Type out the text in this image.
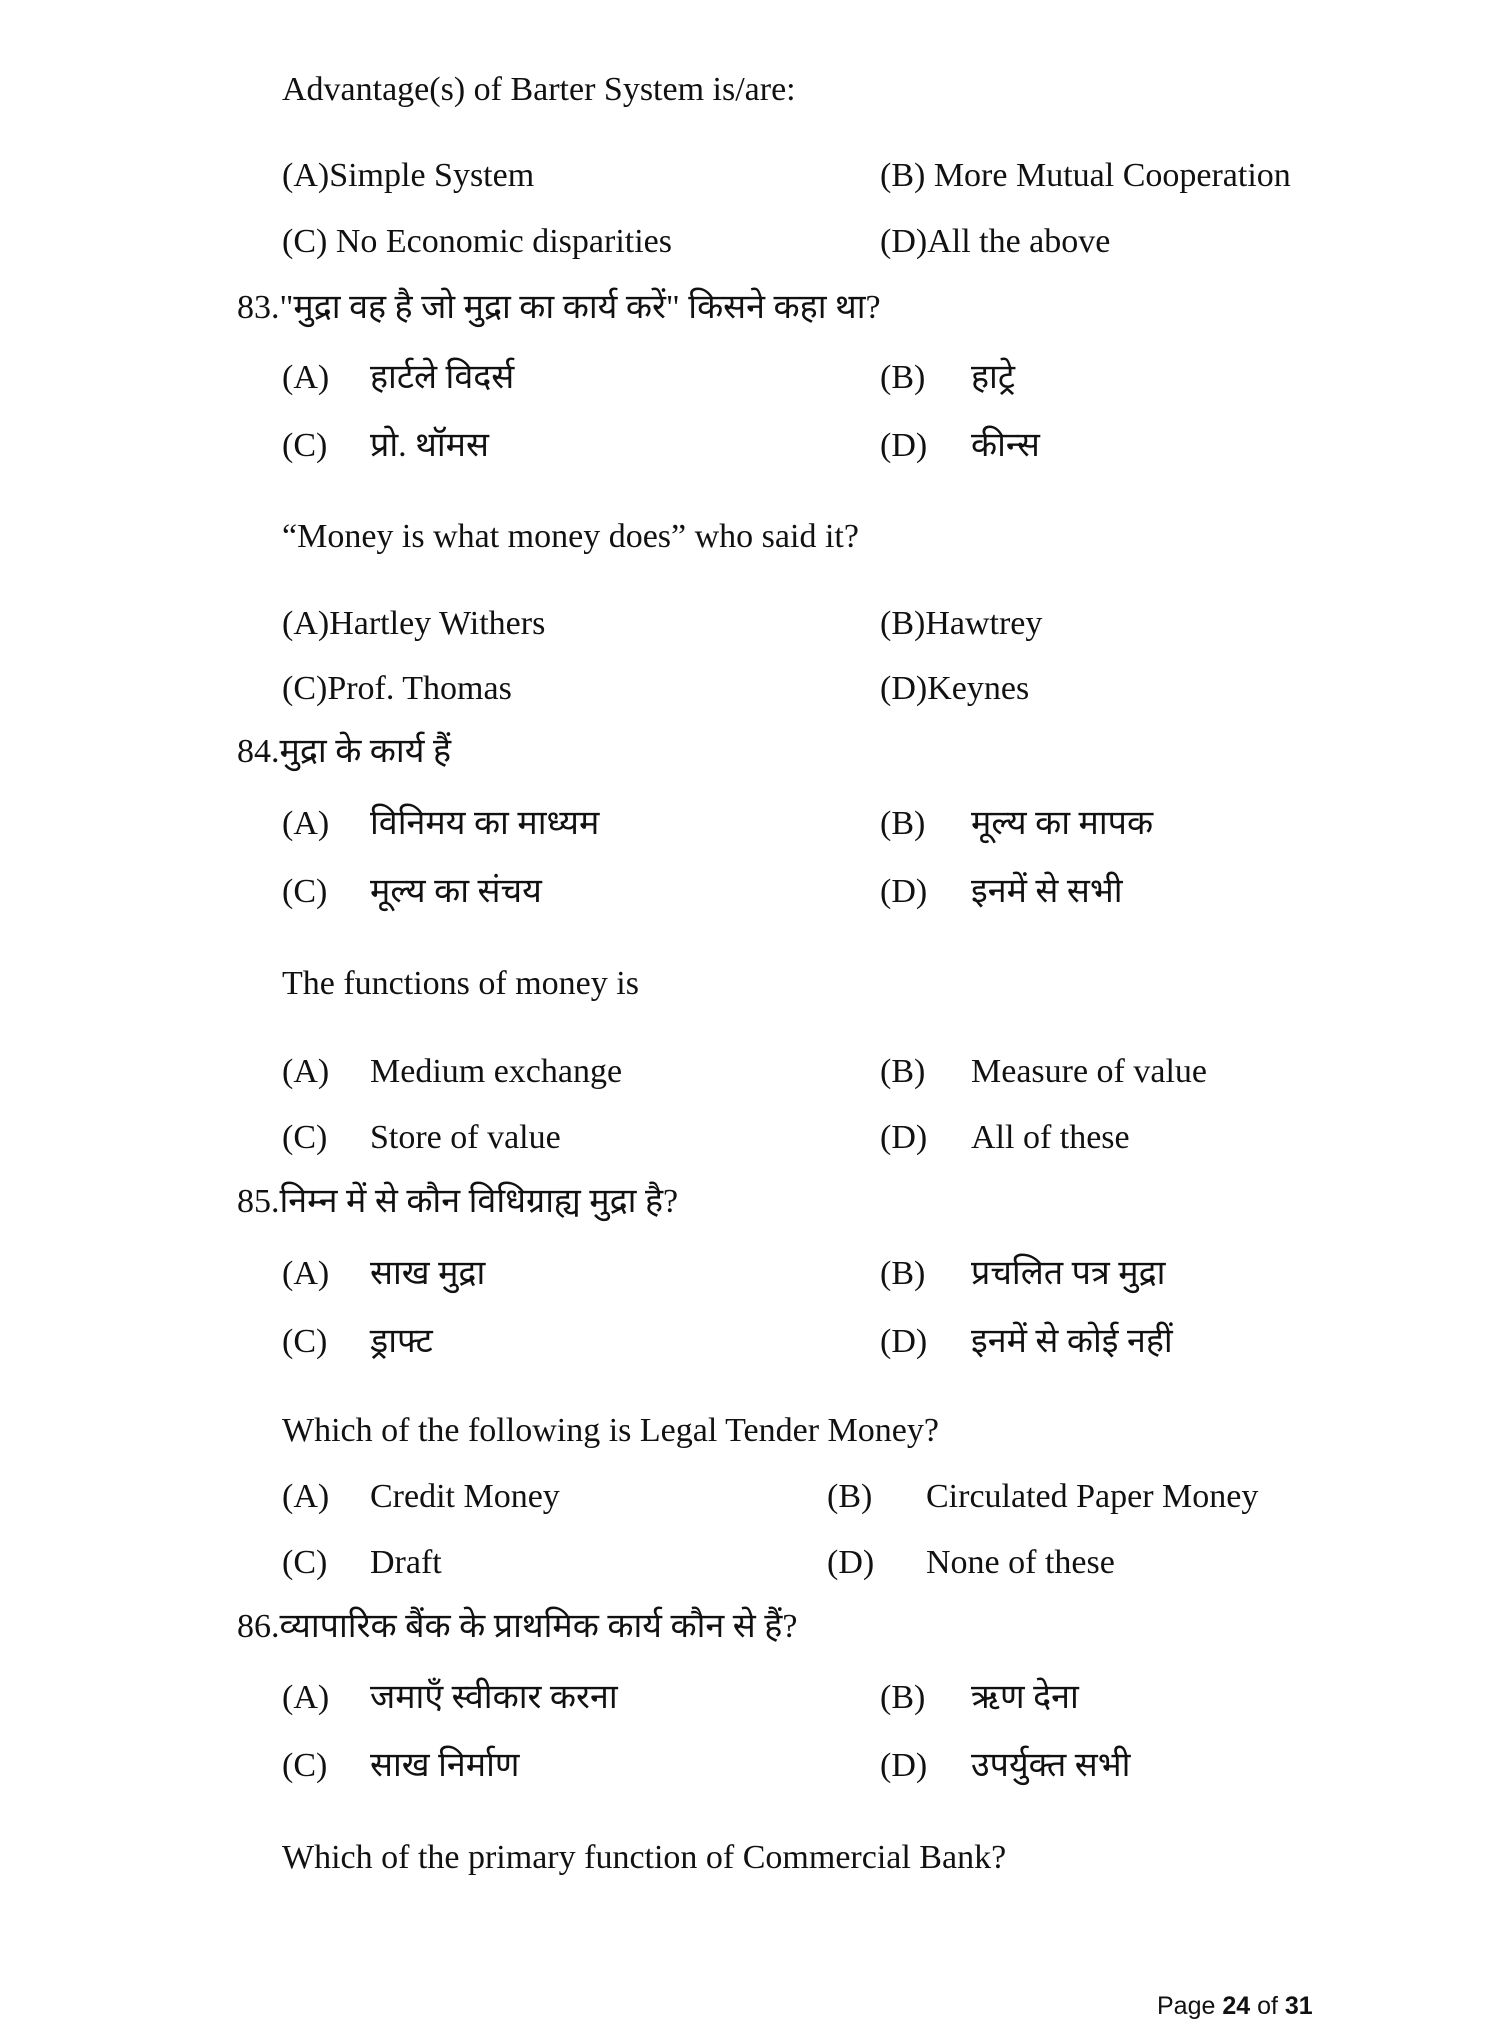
Advantage(s) of Barter System is/are:
(A)Simple System	(B) More Mutual Cooperation
(C) No Economic disparities	(D)All the above
83."मुद्रा वह है जो मुद्रा का कार्य करें" किसने कहा था?
(A) हार्टले विदर्स	(B) हाट्रे
(C) प्रो. थॉमस	(D) कीन्स
“Money is what money does” who said it?
(A)Hartley Withers	(B)Hawtrey
(C)Prof. Thomas	(D)Keynes
84.मुद्रा के कार्य हैं
(A) विनिमय का माध्यम	(B) मूल्य का मापक
(C) मूल्य का संचय	(D) इनमें से सभी
The functions of money is
(A) Medium exchange	(B) Measure of value
(C) Store of value	(D) All of these
85.निम्न में से कौन विधिग्राह्य मुद्रा है?
(A) साख मुद्रा	(B) प्रचलित पत्र मुद्रा
(C) ड्राफ्ट	(D) इनमें से कोई नहीं
Which of the following is Legal Tender Money?
(A) Credit Money	(B) Circulated Paper Money
(C) Draft	(D) None of these
86.व्यापारिक बैंक के प्राथमिक कार्य कौन से हैं?
(A) जमाएँ स्वीकार करना	(B) ऋण देना
(C) साख निर्माण	(D) उपर्युक्त सभी
Which of the primary function of Commercial Bank?
Page 24 of 31
